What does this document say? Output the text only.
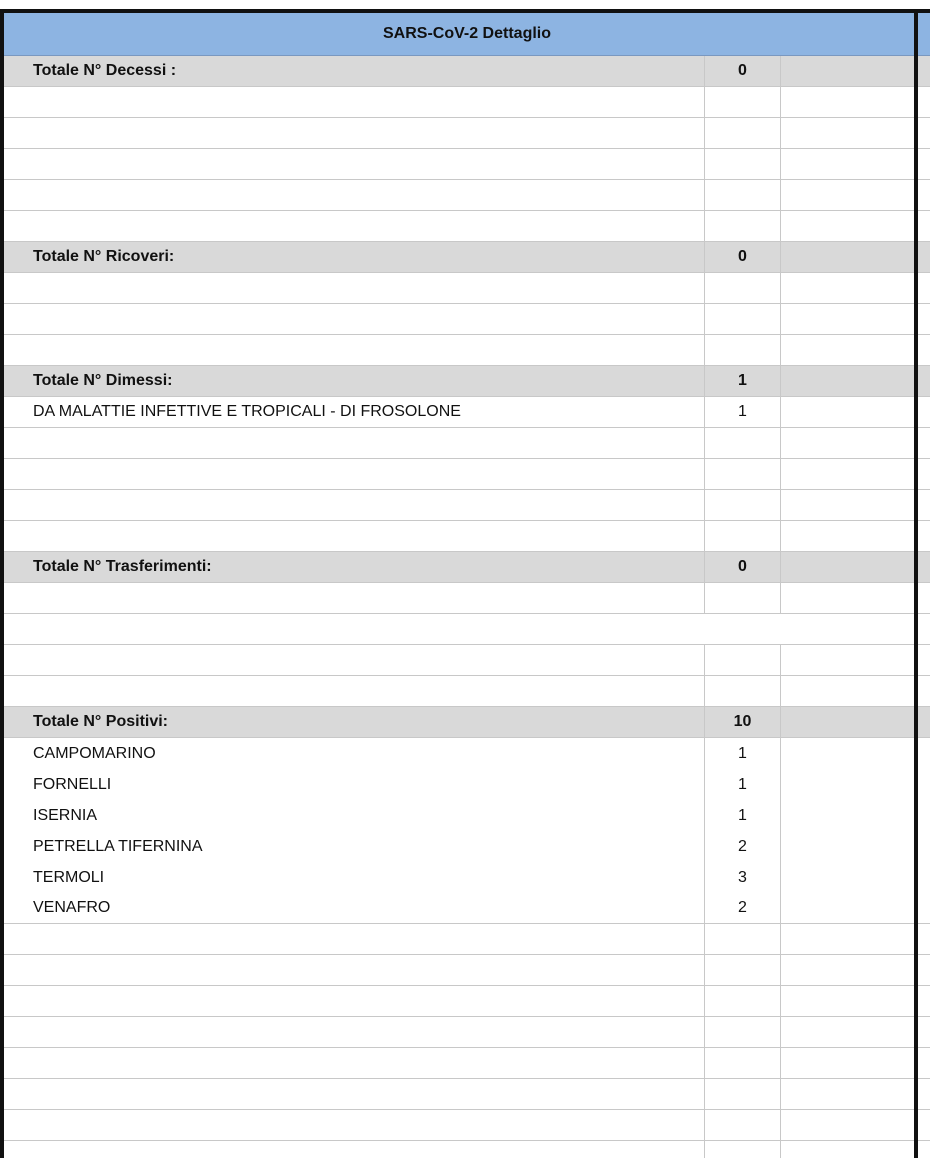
SARS-CoV-2 Dettaglio
Totale N° Decessi :	0
Totale N° Ricoveri:	0
Totale N° Dimessi:	1
DA MALATTIE INFETTIVE E TROPICALI - DI FROSOLONE	1
Totale N° Trasferimenti:	0
Totale N° Positivi:	10
CAMPOMARINO	1
FORNELLI	1
ISERNIA	1
PETRELLA TIFERNINA	2
TERMOLI	3
VENAFRO	2
